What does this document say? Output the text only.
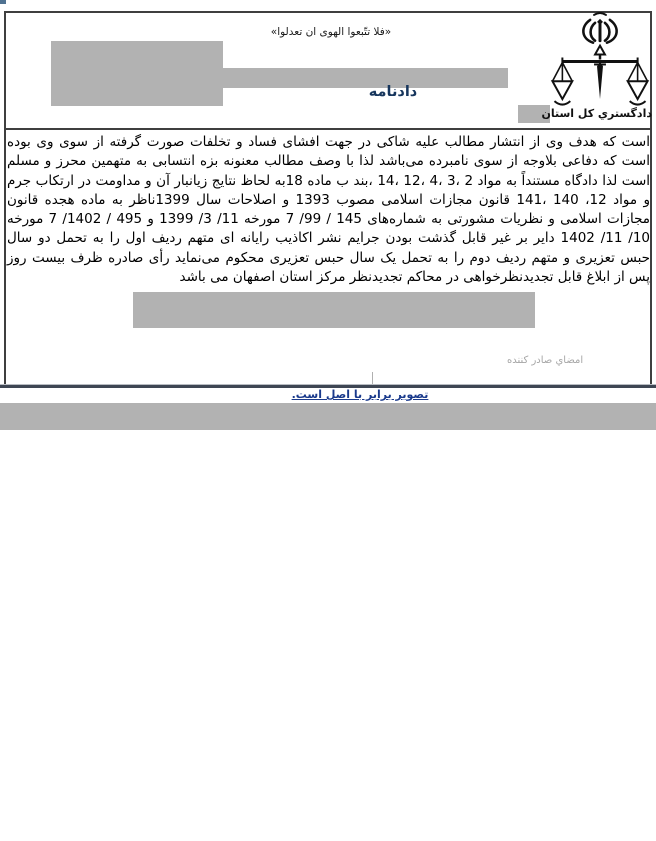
«فلا تتّبعوا الهوی ان تعدلوا»
دادنامه
دادگستري کل استان
است که هدف وی از انتشار مطالب علیه شاکی در جهت افشای فساد و تخلفات صورت گرفته از سوی وی بوده است که دفاعی بلاوجه از سوی نامبرده می‌باشد لذا با وصف مطالب معنونه بزه انتسابی به متهمین محرز و مسلم است لذا دادگاه مستنداً به مواد 2 ،3 ،4 ،12 ،14 ،بند ب ماده 18به لحاظ نتایج زیانبار آن و مداومت در ارتکاب جرم و مواد 12، 140 ،141 قانون مجازات اسلامی مصوب 1393 و اصلاحات سال 1399ناظر به ماده هجده قانون مجازات اسلامی و نظریات مشورتی به شماره‌های 145 / 99/ 7 مورخه 11/ 3/ 1399 و 495 / 1402/ 7 مورخه 10/ 11/ 1402 دایر بر غیر قابل گذشت بودن جرایم نشر اکاذیب رایانه ای متهم ردیف اول را به تحمل دو سال حبس تعزیری و متهم ردیف دوم را به تحمل یک سال حبس تعزیری محکوم می‌نماید رأی صادره ظرف بیست روز پس از ابلاغ قابل تجدیدنظرخواهی در محاکم تجدیدنظر مرکز استان اصفهان می باشد
امضاي صادر کننده
تصویر برابر با اصل است.
